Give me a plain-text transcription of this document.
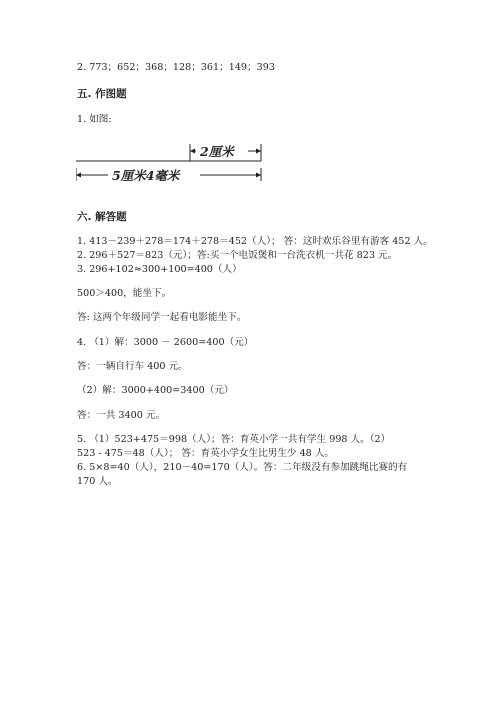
2. 773；652；368；128；361；149；393
五. 作图题
1. 如图:
2厘米
5厘米4毫米
六. 解答题
1. 413－239＋278＝174＋278＝452（人）； 答：这时欢乐谷里有游客 452 人。
2. 296＋527＝823（元）；答:买一个电饭煲和一台洗衣机一共花 823 元。
3. 296+102≈300+100=400（人）
500＞400，能坐下。
答: 这两个年级同学一起看电影能坐下。
4. （1）解：3000 － 2600=400（元）
答：一辆自行车 400 元。
（2）解：3000+400=3400（元）
答：一共 3400 元。
5. （1）523+475＝998（人）；答：育英小学一共有学生 998 人。（2）
523 - 475＝48（人）； 答：育英小学女生比男生少 48 人。
6. 5×8=40（人），210－40=170（人）。答：二年级没有参加跳绳比赛的有
170 人。
